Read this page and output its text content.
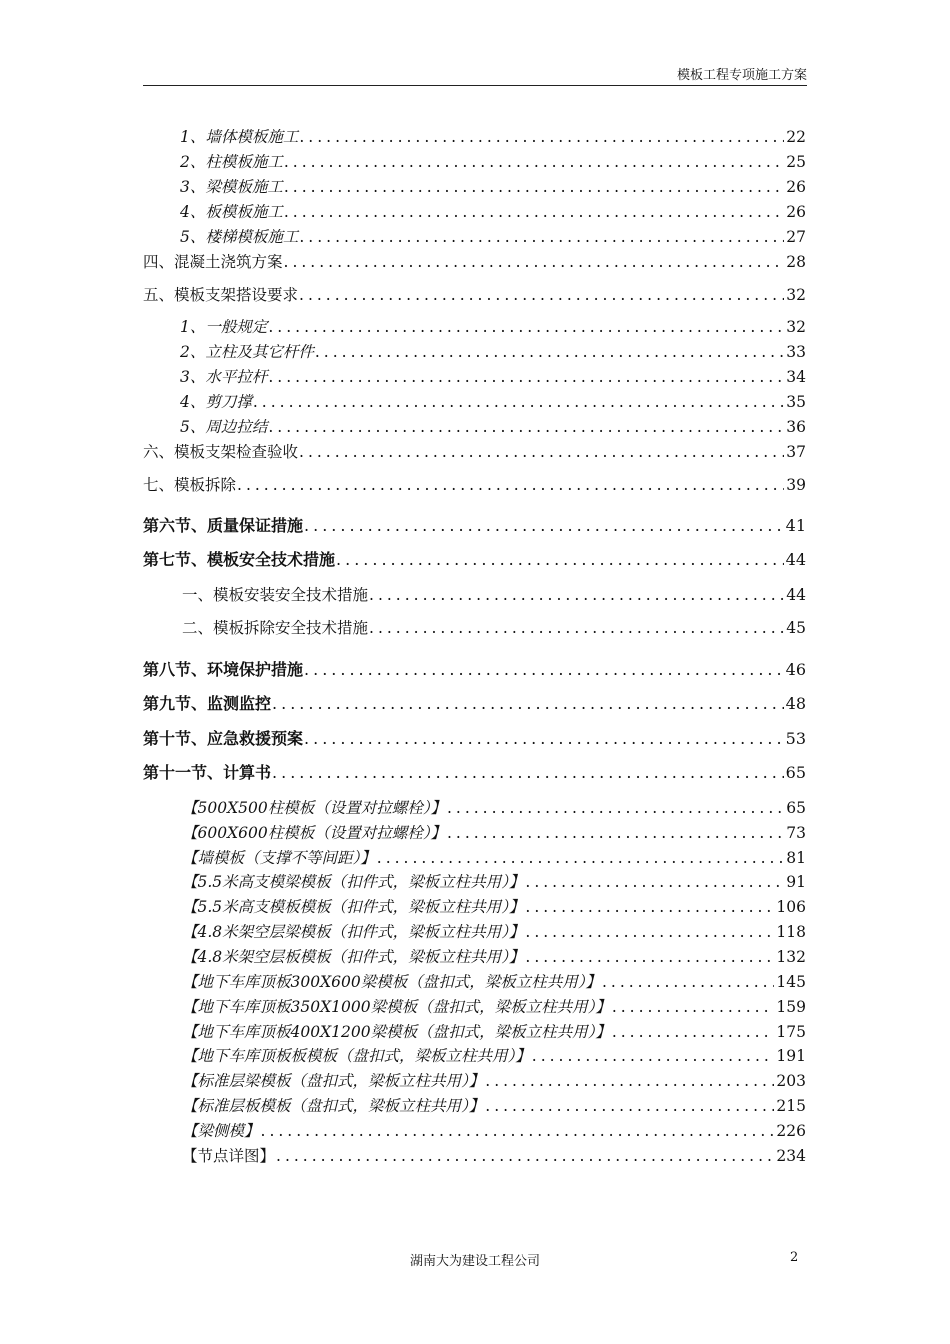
模板工程专项施工方案
1、墙体模板施工 .....	22
2、柱模板施工 .....	25
3、梁模板施工 .....	26
4、板模板施工 .....	26
5、楼梯模板施工 .....	27
四、混凝土浇筑方案 .....	28
五、模板支架搭设要求 .....	32
1、一般规定 .....	32
2、立柱及其它杆件 .....	33
3、水平拉杆 .....	34
4、剪刀撑 .....	35
5、周边拉结 .....	36
六、模板支架检查验收 .....	37
七、模板拆除 .....	39
第六节、质量保证措施 .....	41
第七节、模板安全技术措施 .....	44
一、模板安装安全技术措施 .....	44
二、模板拆除安全技术措施 .....	45
第八节、环境保护措施 .....	46
第九节、监测监控 .....	48
第十节、应急救援预案 .....	53
第十一节、计算书 .....	65
【500X500柱模板（设置对拉螺栓）】 .....	65
【600X600柱模板（设置对拉螺栓）】 .....	73
【墙模板（支撑不等间距）】 .....	81
【5.5米高支模梁模板（扣件式，梁板立柱共用）】 .....	91
【5.5米高支模板模板（扣件式，梁板立柱共用）】 .....	106
【4.8米架空层梁模板（扣件式，梁板立柱共用）】 .....	118
【4.8米架空层板模板（扣件式，梁板立柱共用）】 .....	132
【地下车库顶板300X600梁模板（盘扣式，梁板立柱共用）】 .....	145
【地下车库顶板350X1000梁模板（盘扣式，梁板立柱共用）】 .....	159
【地下车库顶板400X1200梁模板（盘扣式，梁板立柱共用）】 .....	175
【地下车库顶板板模板（盘扣式，梁板立柱共用）】 .....	191
【标准层梁模板（盘扣式，梁板立柱共用）】 .....	203
【标准层板模板（盘扣式，梁板立柱共用）】 .....	215
【梁侧模】 .....	226
【节点详图】 .....	234
湖南大为建设工程公司	2
